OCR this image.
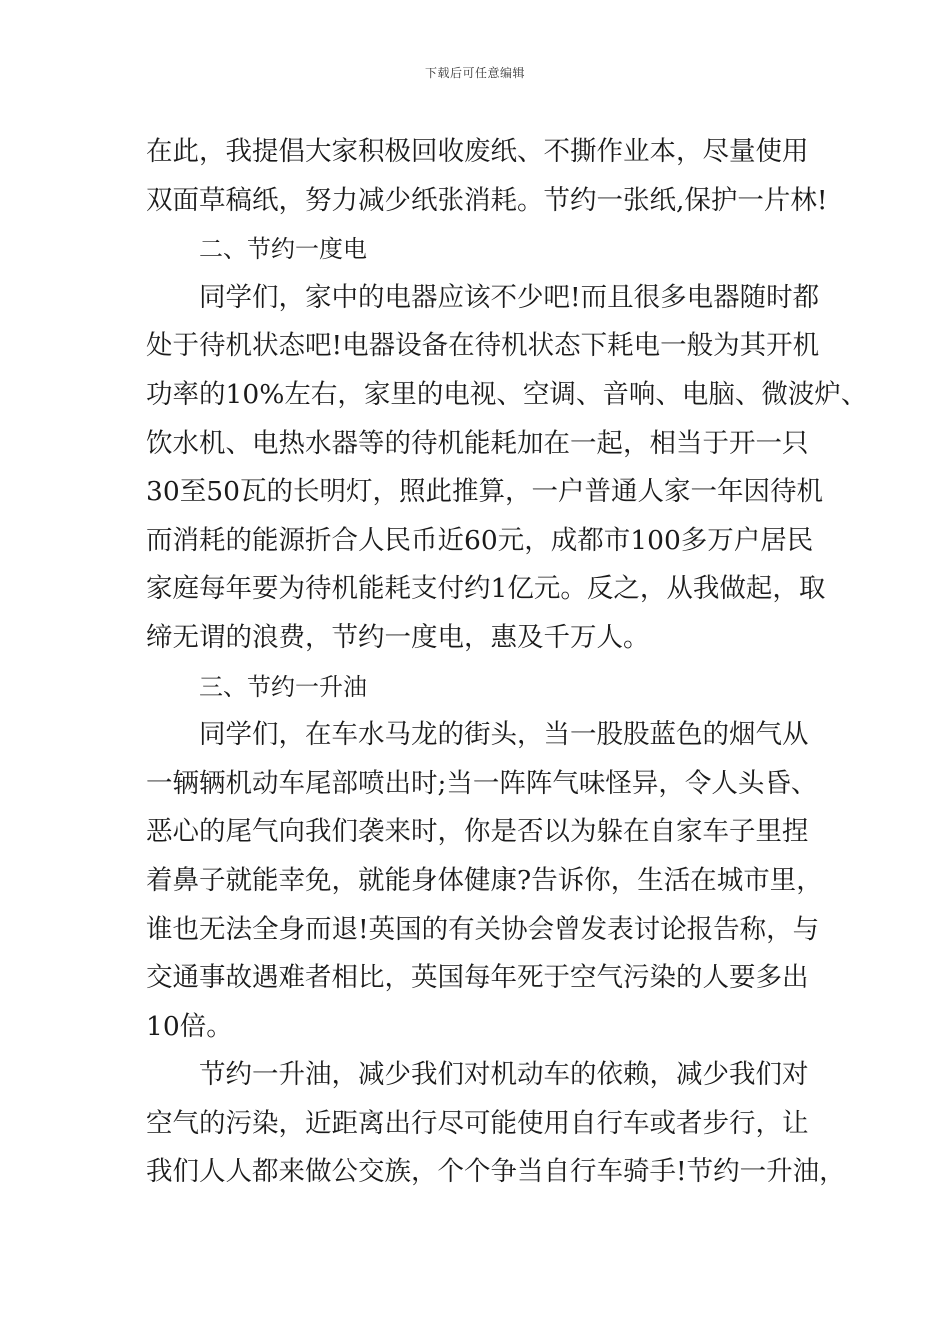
下载后可任意编辑
在此，我提倡大家积极回收废纸、不撕作业本，尽量使用
双面草稿纸，努力减少纸张消耗。节约一张纸,保护一片林!
二、节约一度电
同学们，家中的电器应该不少吧!而且很多电器随时都
处于待机状态吧!电器设备在待机状态下耗电一般为其开机
功率的10%左右，家里的电视、空调、音响、电脑、微波炉、
饮水机、电热水器等的待机能耗加在一起，相当于开一只
30至50瓦的长明灯，照此推算，一户普通人家一年因待机
而消耗的能源折合人民币近60元，成都市100多万户居民
家庭每年要为待机能耗支付约1亿元。反之，从我做起，取
缔无谓的浪费，节约一度电，惠及千万人。
三、节约一升油
同学们，在车水马龙的街头，当一股股蓝色的烟气从
一辆辆机动车尾部喷出时;当一阵阵气味怪异，令人头昏、
恶心的尾气向我们袭来时，你是否以为躲在自家车子里捏
着鼻子就能幸免，就能身体健康?告诉你，生活在城市里，
谁也无法全身而退!英国的有关协会曾发表讨论报告称，与
交通事故遇难者相比，英国每年死于空气污染的人要多出
10倍。
节约一升油，减少我们对机动车的依赖，减少我们对
空气的污染，近距离出行尽可能使用自行车或者步行，让
我们人人都来做公交族，个个争当自行车骑手!节约一升油，
